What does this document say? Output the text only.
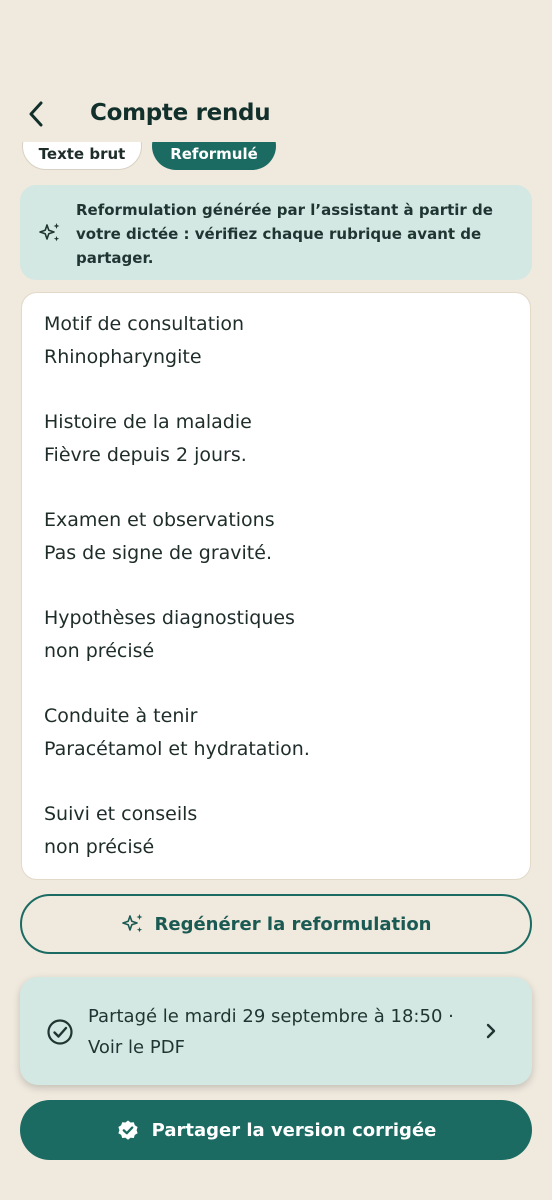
Compte rendu
Texte brut	Reformulé
Reformulation générée par l’assistant à partir de votre dictée : vérifiez chaque rubrique avant de partager.
Motif de consultation
Rhinopharyngite
Histoire de la maladie
Fièvre depuis 2 jours.
Examen et observations
Pas de signe de gravité.
Hypothèses diagnostiques
non précisé
Conduite à tenir
Paracétamol et hydratation.
Suivi et conseils
non précisé
Regénérer la reformulation
Partagé le mardi 29 septembre à 18:50 ·
Voir le PDF
Partager la version corrigée
